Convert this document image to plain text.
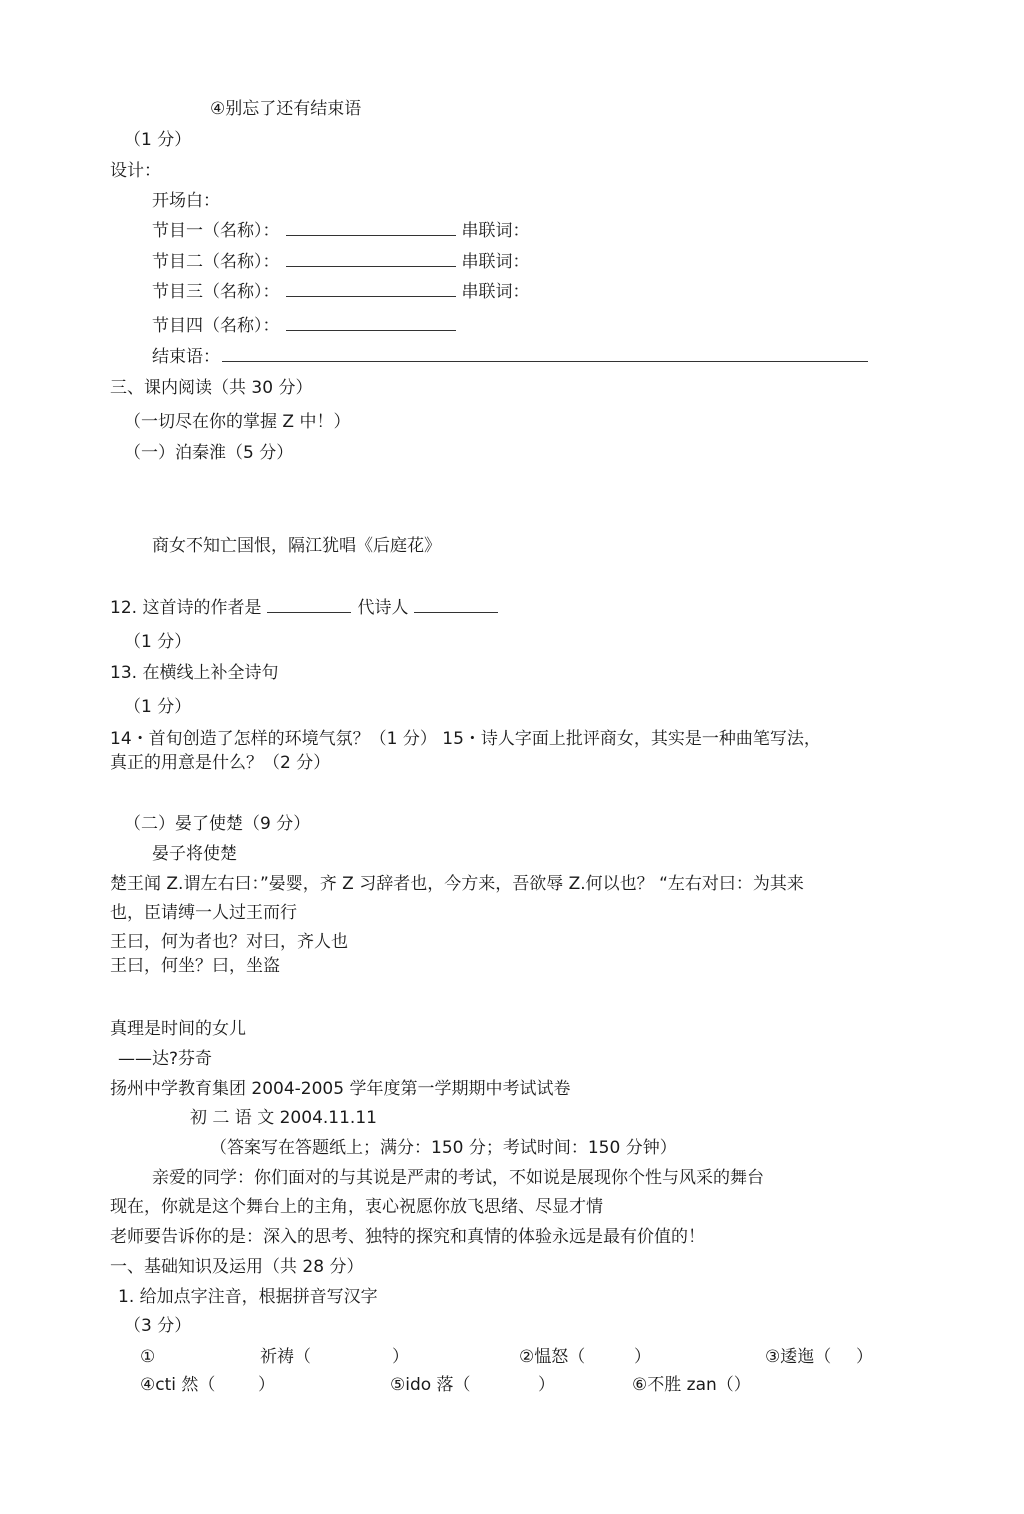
④别忘了还有结束语
（1 分）
设计：
开场白：
节目一（名称）：	串联词：
节目二（名称）：	串联词：
节目三（名称）：	串联词：
节目四（名称）：
结束语：
三、课内阅读（共 30 分）
（一切尽在你的掌握 Z 中！）
（一）泊秦淮（5 分）
商女不知亡国恨，隔江犹唱《后庭花》
12. 这首诗的作者是	代诗人
（1 分）
13. 在横线上补全诗句
（1 分）
14・首旬创造了怎样的环境气氛？（1 分） 15・诗人字面上批评商女，其实是一种曲笔写法，
真正的用意是什么？（2 分）
（二）晏了使楚（9 分）
晏子将使楚
楚王闻 Z.谓左右曰：”晏婴，齐 Z 习辞者也，今方来，吾欲辱 Z.何以也？ “左右对曰：为其来
也，臣请缚一人过王而行
王曰，何为者也？对曰，齐人也
王曰，何坐？曰，坐盗
真理是时间的女儿
——达?芬奇
扬州中学教育集团 2004-2005 学年度第一学期期中考试试卷
初 二 语 文 2004.11.11
（答案写在答题纸上；满分：150 分；考试时间：150 分钟）
亲爱的同学：你们面对的与其说是严肃的考试，不如说是展现你个性与风采的舞台
现在，你就是这个舞台上的主角，衷心祝愿你放飞思绪、尽显才情
老师要告诉你的是：深入的思考、独特的探究和真情的体验永远是最有价值的！
一、基础知识及运用（共 28 分）
1. 给加点字注音，根据拼音写汉字
（3 分）
①	祈祷（	）	②愠怒（	）	③逶迤（ ）
④cti 然（	）	⑤ido 落（	）	⑥不胜 zan（）
